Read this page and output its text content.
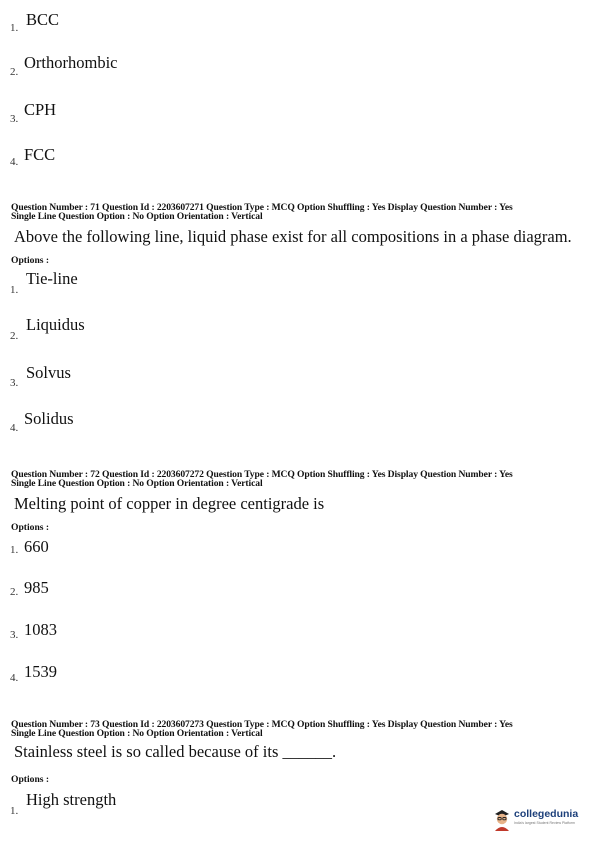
1. BCC
2. Orthorhombic
3. CPH
4. FCC
Question Number : 71 Question Id : 2203607271 Question Type : MCQ Option Shuffling : Yes Display Question Number : Yes
Single Line Question Option : No Option Orientation : Vertical
Above the following line, liquid phase exist for all compositions in a phase diagram.
Options :
1.
Tie-line
2.
Liquidus
3.
Solvus
4. Solidus
Question Number : 72 Question Id : 2203607272 Question Type : MCQ Option Shuffling : Yes Display Question Number : Yes
Single Line Question Option : No Option Orientation : Vertical
Melting point of copper in degree centigrade is
Options :
1. 660
2. 985
3. 1083
4. 1539
Question Number : 73 Question Id : 2203607273 Question Type : MCQ Option Shuffling : Yes Display Question Number : Yes
Single Line Question Option : No Option Orientation : Vertical
Stainless steel is so called because of its ______.
Options :
1.
High strength
collegedunia
India's largest Student Review Platform
